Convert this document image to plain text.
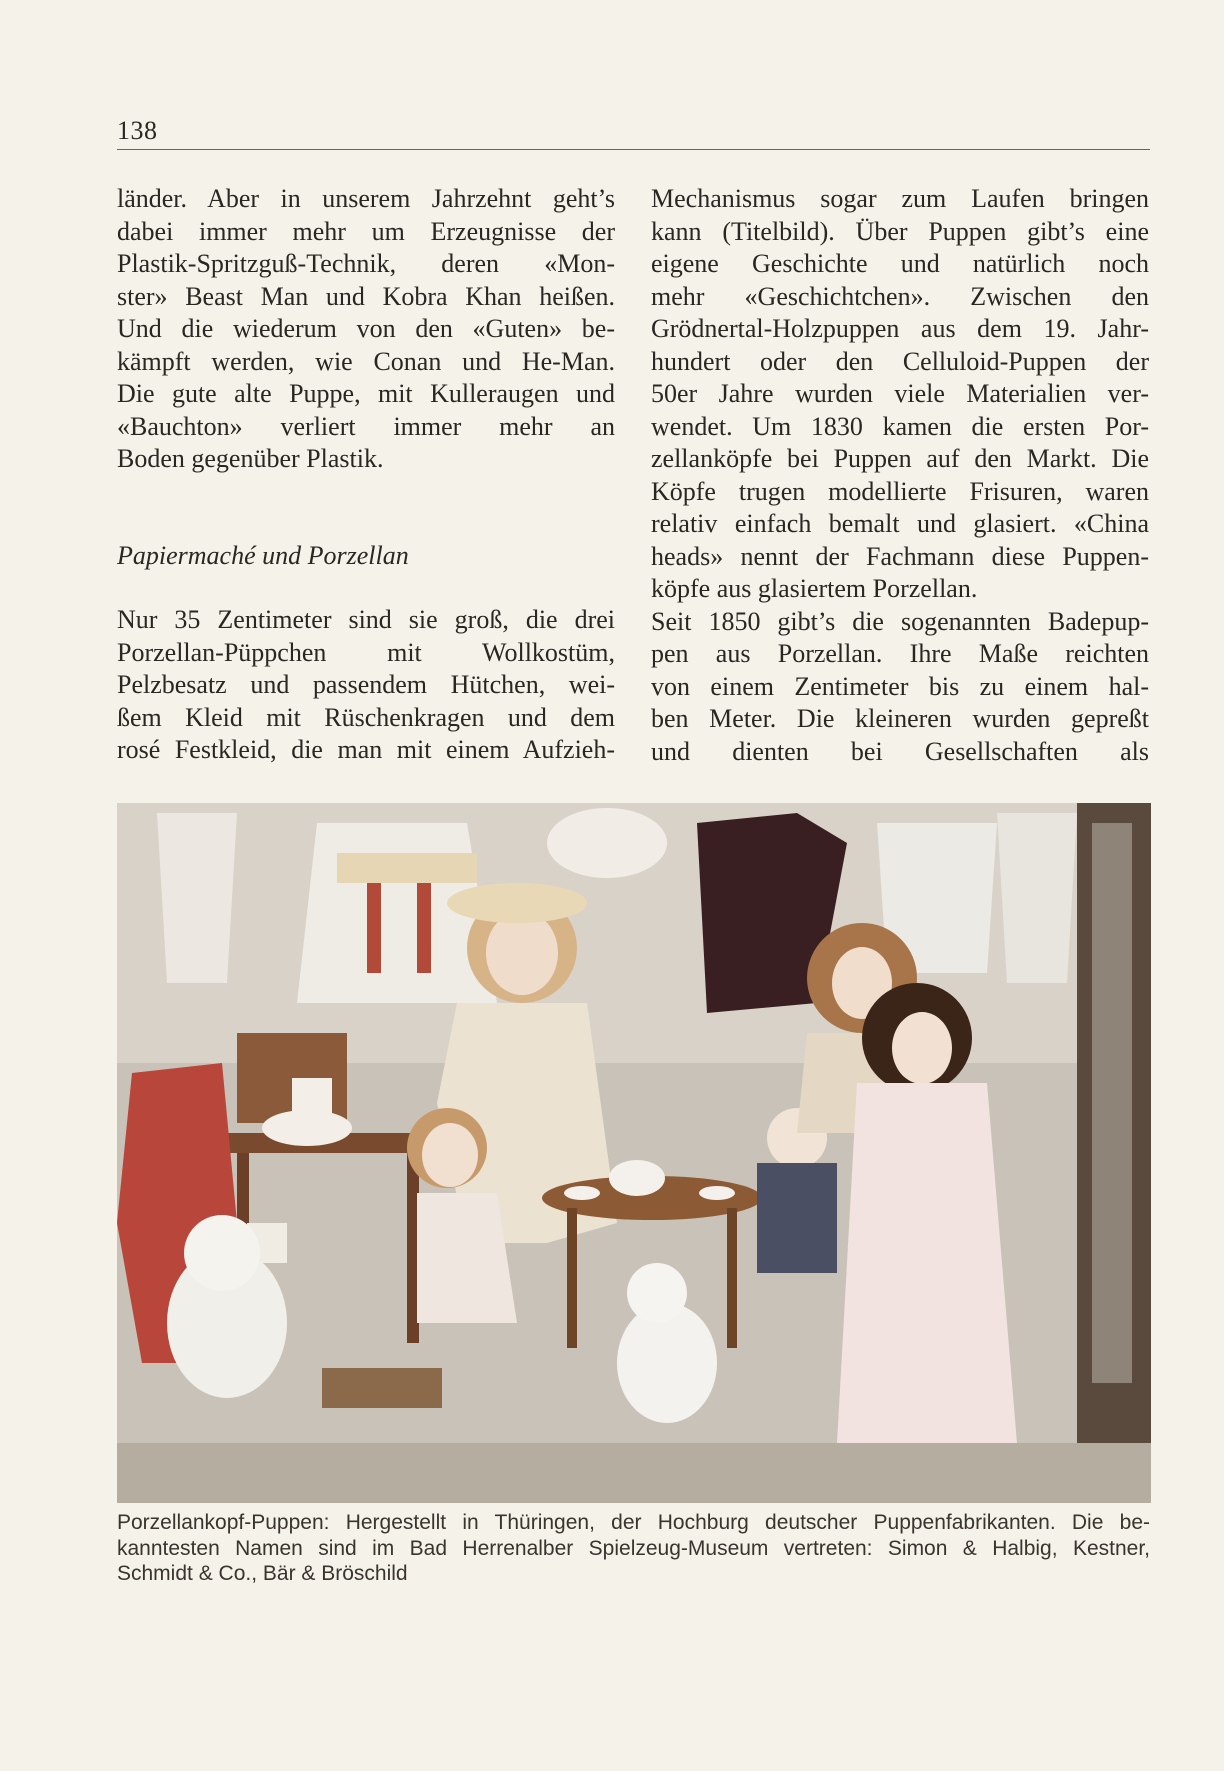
138

länder. Aber in unserem Jahrzehnt geht’s

dabei immer mehr um Erzeugnisse der

Plastik-Spritzguß-Technik, deren «Mon-

ster» Beast Man und Kobra Khan heißen.

Und die wiederum von den «Guten» be-

kämpft werden, wie Conan und He-Man.

Die gute alte Puppe, mit Kulleraugen und

«Bauchton» verliert immer mehr an

Boden gegenüber Plastik.

Papiermaché und Porzellan

Nur 35 Zentimeter sind sie groß, die drei

Porzellan-Püppchen mit Wollkostüm,

Pelzbesatz und passendem Hütchen, wei-

ßem Kleid mit Rüschenkragen und dem

rosé Festkleid, die man mit einem Aufzieh-

Mechanismus sogar zum Laufen bringen

kann (Titelbild). Über Puppen gibt’s eine

eigene Geschichte und natürlich noch

mehr «Geschichtchen». Zwischen den

Grödnertal-Holzpuppen aus dem 19. Jahr-

hundert oder den Celluloid-Puppen der

50er Jahre wurden viele Materialien ver-

wendet. Um 1830 kamen die ersten Por-

zellanköpfe bei Puppen auf den Markt. Die

Köpfe trugen modellierte Frisuren, waren

relativ einfach bemalt und glasiert. «China

heads» nennt der Fachmann diese Puppen-

köpfe aus glasiertem Porzellan.

Seit 1850 gibt’s die sogenannten Badepup-

pen aus Porzellan. Ihre Maße reichten

von einem Zentimeter bis zu einem hal-

ben Meter. Die kleineren wurden gepreßt

und dienten bei Gesellschaften als

Porzellankopf-Puppen: Hergestellt in Thüringen, der Hochburg deutscher Puppenfabrikanten. Die be-
kanntesten Namen sind im Bad Herrenalber Spielzeug-Museum vertreten: Simon & Halbig, Kestner,
Schmidt & Co., Bär & Bröschild
